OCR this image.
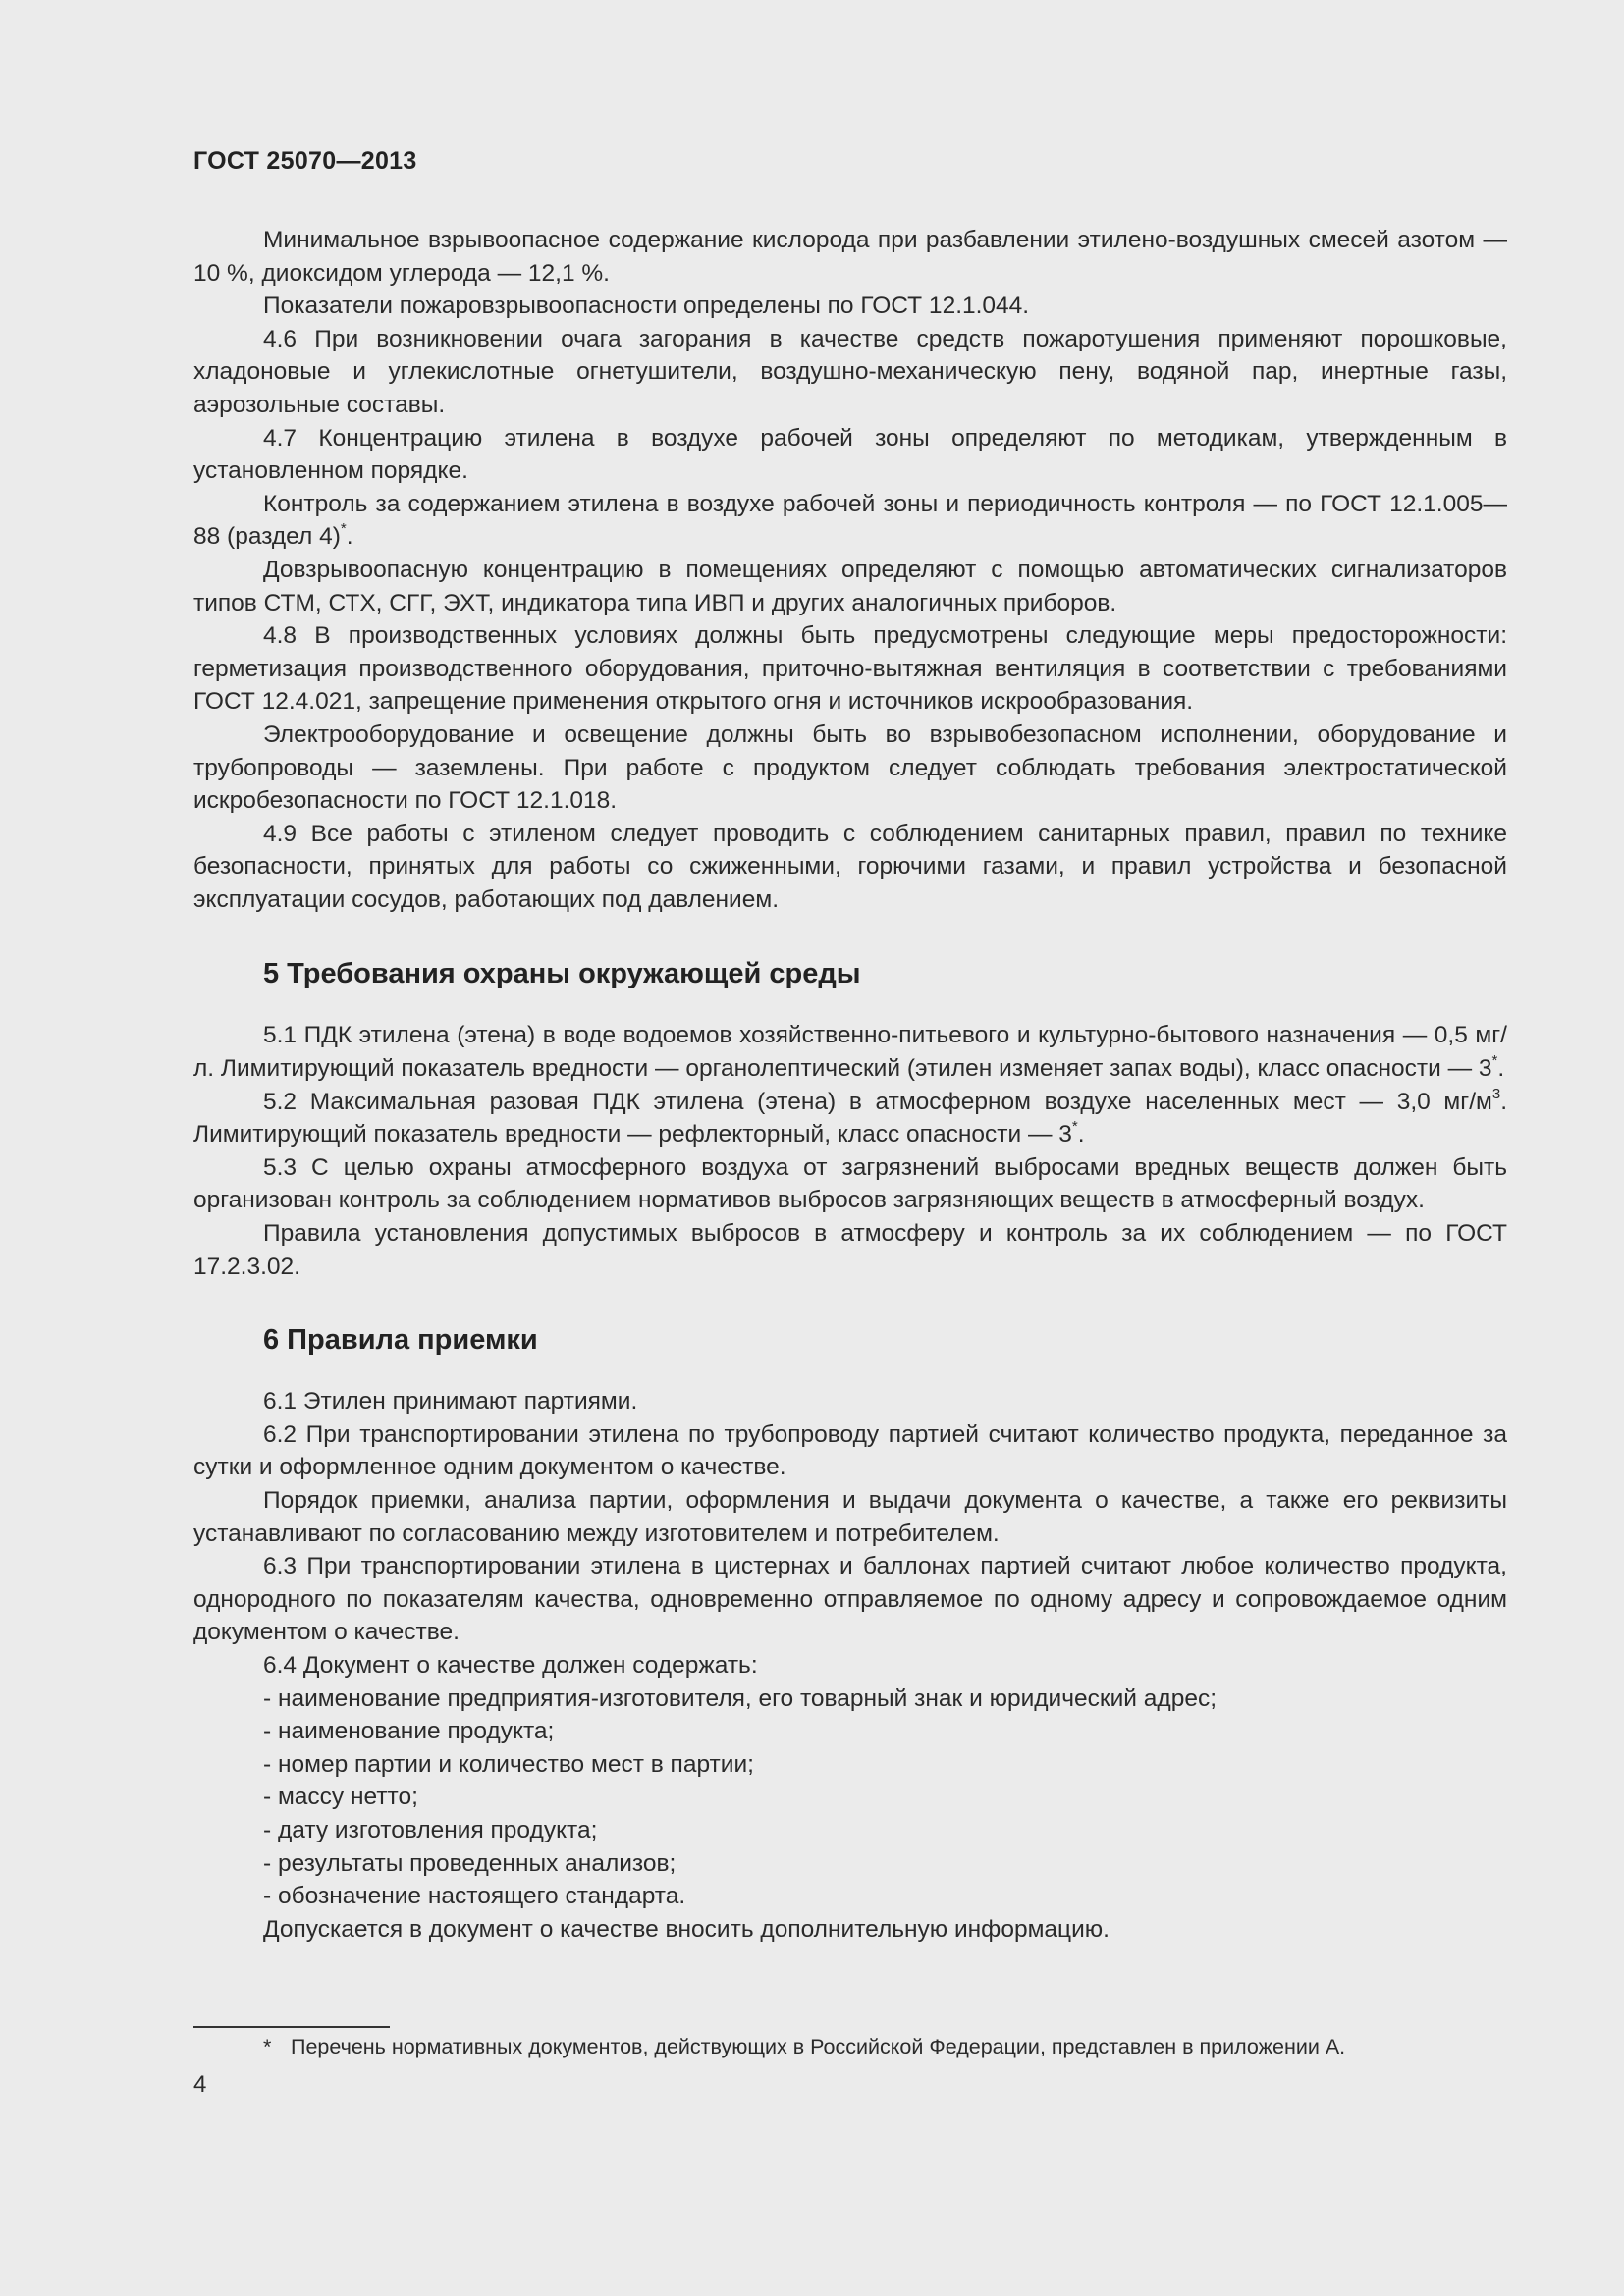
ГОСТ 25070—2013

Минимальное взрывоопасное содержание кислорода при разбавлении этилено-воздушных смесей азотом — 10 %, диоксидом углерода — 12,1 %.

Показатели пожаровзрывоопасности определены по ГОСТ 12.1.044.

4.6 При возникновении очага загорания в качестве средств пожаротушения применяют порошковые, хладоновые и углекислотные огнетушители, воздушно-механическую пену, водяной пар, инертные газы, аэрозольные составы.

4.7 Концентрацию этилена в воздухе рабочей зоны определяют по методикам, утвержденным в установленном порядке.

Контроль за содержанием этилена в воздухе рабочей зоны и периодичность контроля — по ГОСТ 12.1.005—88 (раздел 4)*.

Довзрывоопасную концентрацию в помещениях определяют с помощью автоматических сигнализаторов типов СТМ, СТХ, СГГ, ЭХТ, индикатора типа ИВП и других аналогичных приборов.

4.8 В производственных условиях должны быть предусмотрены следующие меры предосторожности: герметизация производственного оборудования, приточно-вытяжная вентиляция в соответствии с требованиями ГОСТ 12.4.021, запрещение применения открытого огня и источников искрообразования.

Электрооборудование и освещение должны быть во взрывобезопасном исполнении, оборудование и трубопроводы — заземлены. При работе с продуктом следует соблюдать требования электростатической искробезопасности по ГОСТ 12.1.018.

4.9 Все работы с этиленом следует проводить с соблюдением санитарных правил, правил по технике безопасности, принятых для работы со сжиженными, горючими газами, и правил устройства и безопасной эксплуатации сосудов, работающих под давлением.

5 Требования охраны окружающей среды

5.1 ПДК этилена (этена) в воде водоемов хозяйственно-питьевого и культурно-бытового назначения — 0,5 мг/л. Лимитирующий показатель вредности — органолептический (этилен изменяет запах воды), класс опасности — 3*.

5.2 Максимальная разовая ПДК этилена (этена) в атмосферном воздухе населенных мест — 3,0 $мг/м^3$. Лимитирующий показатель вредности — рефлекторный, класс опасности — 3*.

5.3 С целью охраны атмосферного воздуха от загрязнений выбросами вредных веществ должен быть организован контроль за соблюдением нормативов выбросов загрязняющих веществ в атмосферный воздух.

Правила установления допустимых выбросов в атмосферу и контроль за их соблюдением — по ГОСТ 17.2.3.02.

6 Правила приемки

6.1 Этилен принимают партиями.

6.2 При транспортировании этилена по трубопроводу партией считают количество продукта, переданное за сутки и оформленное одним документом о качестве.

Порядок приемки, анализа партии, оформления и выдачи документа о качестве, а также его реквизиты устанавливают по согласованию между изготовителем и потребителем.

6.3 При транспортировании этилена в цистернах и баллонах партией считают любое количество продукта, однородного по показателям качества, одновременно отправляемое по одному адресу и сопровождаемое одним документом о качестве.

6.4 Документ о качестве должен содержать:

- наименование предприятия-изготовителя, его товарный знак и юридический адрес;

- наименование продукта;

- номер партии и количество мест в партии;

- массу нетто;

- дату изготовления продукта;

- результаты проведенных анализов;

- обозначение настоящего стандарта.

Допускается в документ о качестве вносить дополнительную информацию.

* Перечень нормативных документов, действующих в Российской Федерации, представлен в приложении А.
4
